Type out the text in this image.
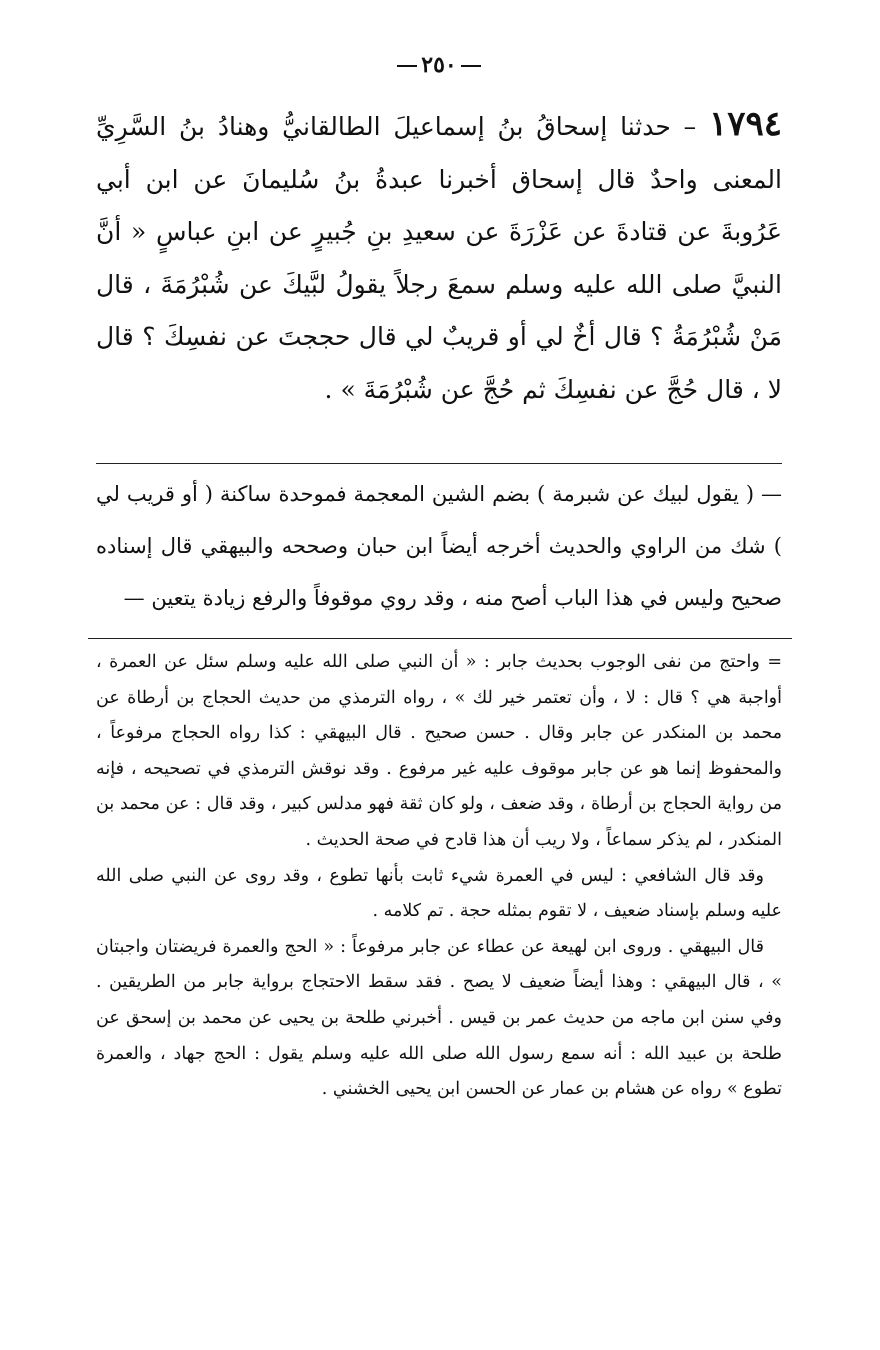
٢٥٠
١٧٩٤ – حدثنا إسحاقُ بنُ إسماعيلَ الطالقانيُّ وهنادُ بنُ السَّرِيِّ المعنى واحدٌ قال إسحاق أخبرنا عبدةُ بنُ سُليمانَ عن ابن أبي عَرُوبةَ عن قتادةَ عن عَزْرَةَ عن سعيدِ بنِ جُبيرٍ عن ابنِ عباسٍ « أنَّ النبيَّ صلى الله عليه وسلم سمعَ رجلاً يقولُ لبَّيكَ عن شُبْرُمَةَ ، قال مَنْ شُبْرُمَةُ ؟ قال أخٌ لي أو قريبٌ لي قال حججتَ عن نفسِكَ ؟ قال لا ، قال حُجَّ عن نفسِكَ ثم حُجَّ عن شُبْرُمَةَ » .
— ( يقول لبيك عن شبرمة ) بضم الشين المعجمة فموحدة ساكنة ( أو قريب لي ) شك من الراوي والحديث أخرجه أيضاً ابن حبان وصححه والبيهقي قال إسناده صحيح وليس في هذا الباب أصح منه ، وقد روي موقوفاً والرفع زيادة يتعين —

= واحتج من نفى الوجوب بحديث جابر : « أن النبي صلى الله عليه وسلم سئل عن العمرة ، أواجبة هي ؟ قال : لا ، وأن تعتمر خير لك » ، رواه الترمذي من حديث الحجاج بن أرطاة عن محمد بن المنكدر عن جابر وقال . حسن صحيح . قال البيهقي : كذا رواه الحجاج مرفوعاً ، والمحفوظ إنما هو عن جابر موقوف عليه غير مرفوع . وقد نوقش الترمذي في تصحيحه ، فإنه من رواية الحجاج بن أرطاة ، وقد ضعف ، ولو كان ثقة فهو مدلس كبير ، وقد قال : عن محمد بن المنكدر ، لم يذكر سماعاً ، ولا ريب أن هذا قادح في صحة الحديث .

وقد قال الشافعي : ليس في العمرة شيء ثابت بأنها تطوع ، وقد روى عن النبي صلى الله عليه وسلم بإسناد ضعيف ، لا تقوم بمثله حجة . تم كلامه .

قال البيهقي . وروى ابن لهيعة عن عطاء عن جابر مرفوعاً : « الحج والعمرة فريضتان واجبتان » ، قال البيهقي : وهذا أيضاً ضعيف لا يصح . فقد سقط الاحتجاج برواية جابر من الطريقين . وفي سنن ابن ماجه من حديث عمر بن قيس . أخبرني طلحة بن يحيى عن محمد بن إسحق عن طلحة بن عبيد الله : أنه سمع رسول الله صلى الله عليه وسلم يقول : الحج جهاد ، والعمرة تطوع » رواه عن هشام بن عمار عن الحسن ابن يحيى الخشني .
